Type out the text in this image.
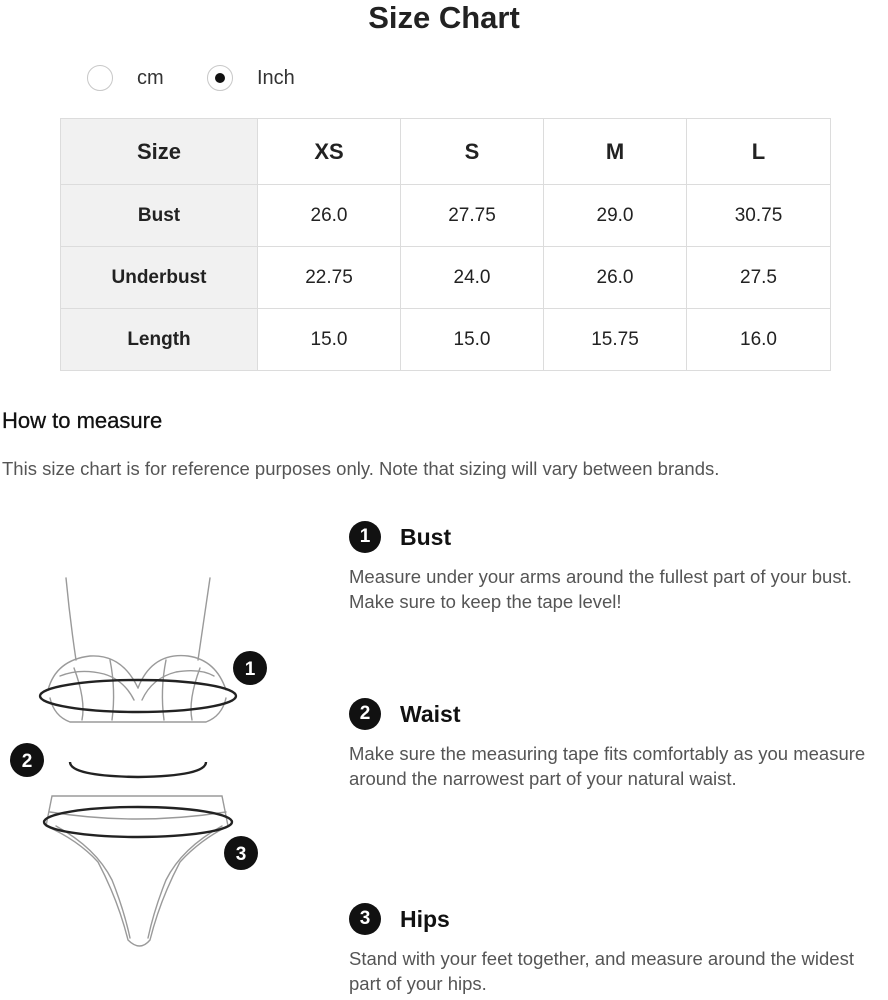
Size Chart
cm	Inch
Size	XS	S	M	L
Bust	26.0	27.75	29.0	30.75
Underbust	22.75	24.0	26.0	27.5
Length	15.0	15.0	15.75	16.0
How to measure
This size chart is for reference purposes only. Note that sizing will vary between brands.
1
2
3
1	Bust
Measure under your arms around the fullest part of your bust. Make sure to keep the tape level!
2	Waist
Make sure the measuring tape fits comfortably as you measure around the narrowest part of your natural waist.
3	Hips
Stand with your feet together, and measure around the widest part of your hips.
